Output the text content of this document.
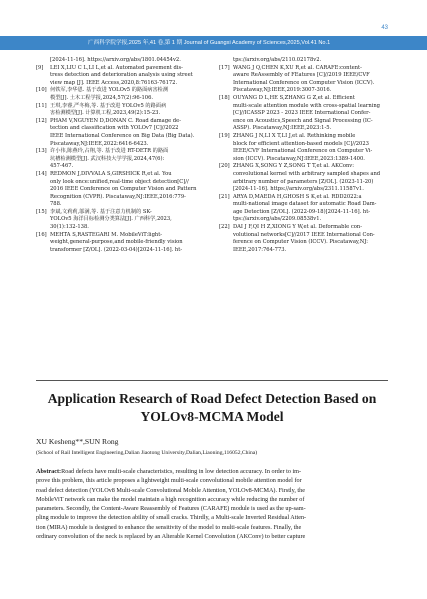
广西科学院学报,2025 年,41 卷,第 1 期 Journal of Guangxi Academy of Sciences,2025,Vol.41 No.1
43
[2024-11-16]. https://arxiv.org/abs/1801.04454v2.
[9]	LEI X,LIU C L,LI L,et al. Automated pavement dis-
tress detection and deterioration analysis using street
view map [J]. IEEE Access,2020,8:76163-76172.
[10] 何铁军,李华恩. 基于改进 YOLOv5 的路面病害检测
模型[J]. 土木工程学报,2024,57(2):96-106.
[11] 王琪,李睿,严冬梅,等. 基于改进 YOLOv5 的路面病
害检测模型[J]. 计算机工程,2023,49(2):15-23.
[12] PHAM V,NGUYEN D,DONAN C. Road damage de-
tection and classification with YOLOv7 [C]//2022
IEEE International Conference on Big Data (Big Data).
Piscataway,NJ:IEEE,2022:6416-6423.
[13] 许小伟,陈燕玲,占翔,等. 基于改进 RT-DETR 的路面
坑槽检测模型[J]. 武汉科技大学学报,2024,47(6):
457-467.
[14] REDMON J,DIVVALA S,GIRSHICK R,et al. You
only look once:unified,real-time object detection[C]//
2016 IEEE Conference on Computer Vision and Pattern
Recognition (CVPR). Piscataway,NJ:IEEE,2016:779-
788.
[15] 李斌,文莉莉,邬满,等. 基于注意力机制的 SK-
YOLOv5 海洋目标检测分类算法[J]. 广西科学,2023,
30(1):132-138.
[16] MEHTA S,RASTEGARI M. MobileViT:light-
weight,general-purpose,and mobile-friendly vision
transformer [Z/OL]. (2022-03-04)[2024-11-16]. ht-
tps://arxiv.org/abs/2110.02178v2.
[17] WANG J Q,CHEN K,XU R,et al. CARAFE:content-
aware ReAssembly of FEatures [C]//2019 IEEE/CVF
International Conference on Computer Vision (ICCV).
Piscataway,NJ:IEEE,2019:3007-3016.
[18] OUYANG D L,HE S,ZHANG G Z,et al. Efficient
multi-scale attention module with cross-spatial learning
[C]//ICASSP 2023 - 2023 IEEE International Confer-
ence on Acoustics,Speech and Signal Processing (IC-
ASSP). Piscataway,NJ:IEEE,2023:1-5.
[19] ZHANG J N,LI X T,LI J,et al. Rethinking mobile
block for efficient attention-based models [C]//2023
IEEE/CVF International Conference on Computer Vi-
sion (ICCV). Piscataway,NJ:IEEE,2023:1389-1400.
[20] ZHANG X,SONG Y Z,SONG T T,et al. AKConv:
convolutional kernel with arbitrary sampled shapes and
arbitrary number of parameters [Z/OL]. (2023-11-20)
[2024-11-16]. https://arxiv.org/abs/2311.11587v1.
[21] ARYA D,MAEDA H,GHOSH S K,et al. RDD2022:a
multi-national image dataset for automatic Road Dam-
age Detection [Z/OL]. (2022-09-18)[2024-11-16]. ht-
tps://arxiv.org/abs/2209.08538v1.
[22] DAI J F,QI H Z,XIONG Y W,et al. Deformable con-
volutional networks[C]//2017 IEEE International Con-
ference on Computer Vision (ICCV). Piscataway,NJ:
IEEE,2017:764-773.
Application Research of Road Defect Detection Based on
YOLOv8-MCMA Model
XU Kesheng**,SUN Rong
(School of Rail Intelligent Engineering,Dalian Jiaotong University,Dalian,Liaoning,116052,China)
Abstract:Road defects have multi-scale characteristics, resulting in low detection accuracy. In order to im-
prove this problem, this article proposes a lightweight multi-scale convolutional mobile attention model for
road defect detection (YOLOv8 Multi-scale Convolutional Mobile Attention, YOLOv8-MCMA). Firstly, the
MobileViT network can make the model maintain a high recognition accuracy while reducing the number of
parameters. Secondly, the Content-Aware Reassembly of Features (CARAFE) module is used as the up-sam-
pling module to improve the detection ability of small cracks. Thirdly, a Multi-scale Inverted Residual Atten-
tion (MIRA) module is designed to enhance the sensitivity of the model to multi-scale features. Finally, the
ordinary convolution of the neck is replaced by an Alterable Kernel Convolution (AKConv) to better capture
